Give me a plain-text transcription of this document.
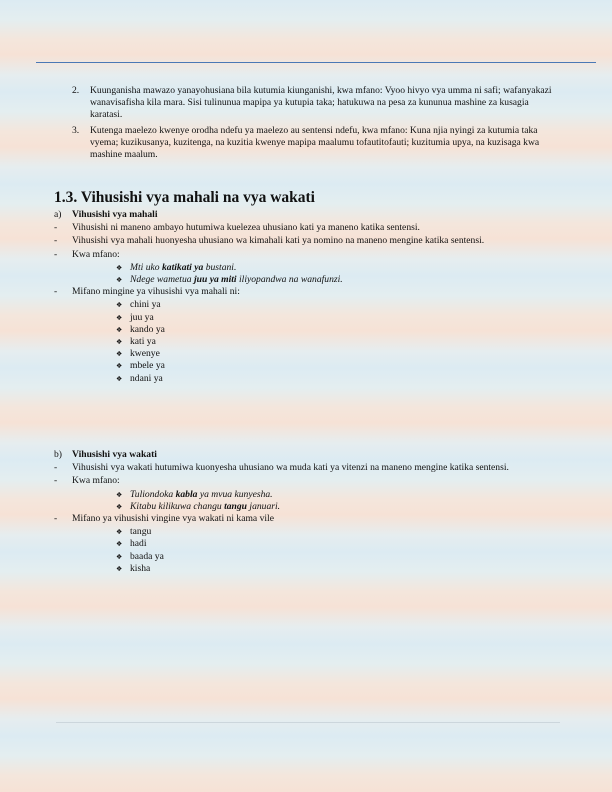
2. Kuunganisha mawazo yanayohusiana bila kutumia kiunganishi, kwa mfano: Vyoo hivyo vya umma ni safi; wafanyakazi wanavisafisha kila mara. Sisi tulinunua mapipa ya kutupia taka; hatukuwa na pesa za kununua mashine za kusagia karatasi.
3. Kutenga maelezo kwenye orodha ndefu ya maelezo au sentensi ndefu, kwa mfano: Kuna njia nyingi za kutumia taka vyema; kuzikusanya, kuzitenga, na kuzitia kwenye mapipa maalumu tofautitofauti; kuzitumia upya, na kuzisaga kwa mashine maalum.
1.3. Vihusishi vya mahali na vya wakati
a)	Vihusishi vya mahali
-	Vihusishi ni maneno ambayo hutumiwa kuelezea uhusiano kati ya maneno katika sentensi.
-	Vihusishi vya mahali huonyesha uhusiano wa kimahali kati ya nomino na maneno mengine katika sentensi.
-	Kwa mfano:
❖ Mti uko katikati ya bustani.
❖ Ndege wametua juu ya miti iliyopandwa na wanafunzi.
-	Mifano mingine ya vihusishi vya mahali ni:
❖ chini ya
❖ juu ya
❖ kando ya
❖ kati ya
❖ kwenye
❖ mbele ya
❖ ndani ya
b)	Vihusishi vya wakati
-	Vihusishi vya wakati hutumiwa kuonyesha uhusiano wa muda kati ya vitenzi na maneno mengine katika sentensi.
-	Kwa mfano:
❖ Tuliondoka kabla ya mvua kunyesha.
❖ Kitabu kilikuwa changu tangu januari.
-	Mifano ya vihusishi vingine vya wakati ni kama vile
❖ tangu
❖ hadi
❖ baada ya
❖ kisha
